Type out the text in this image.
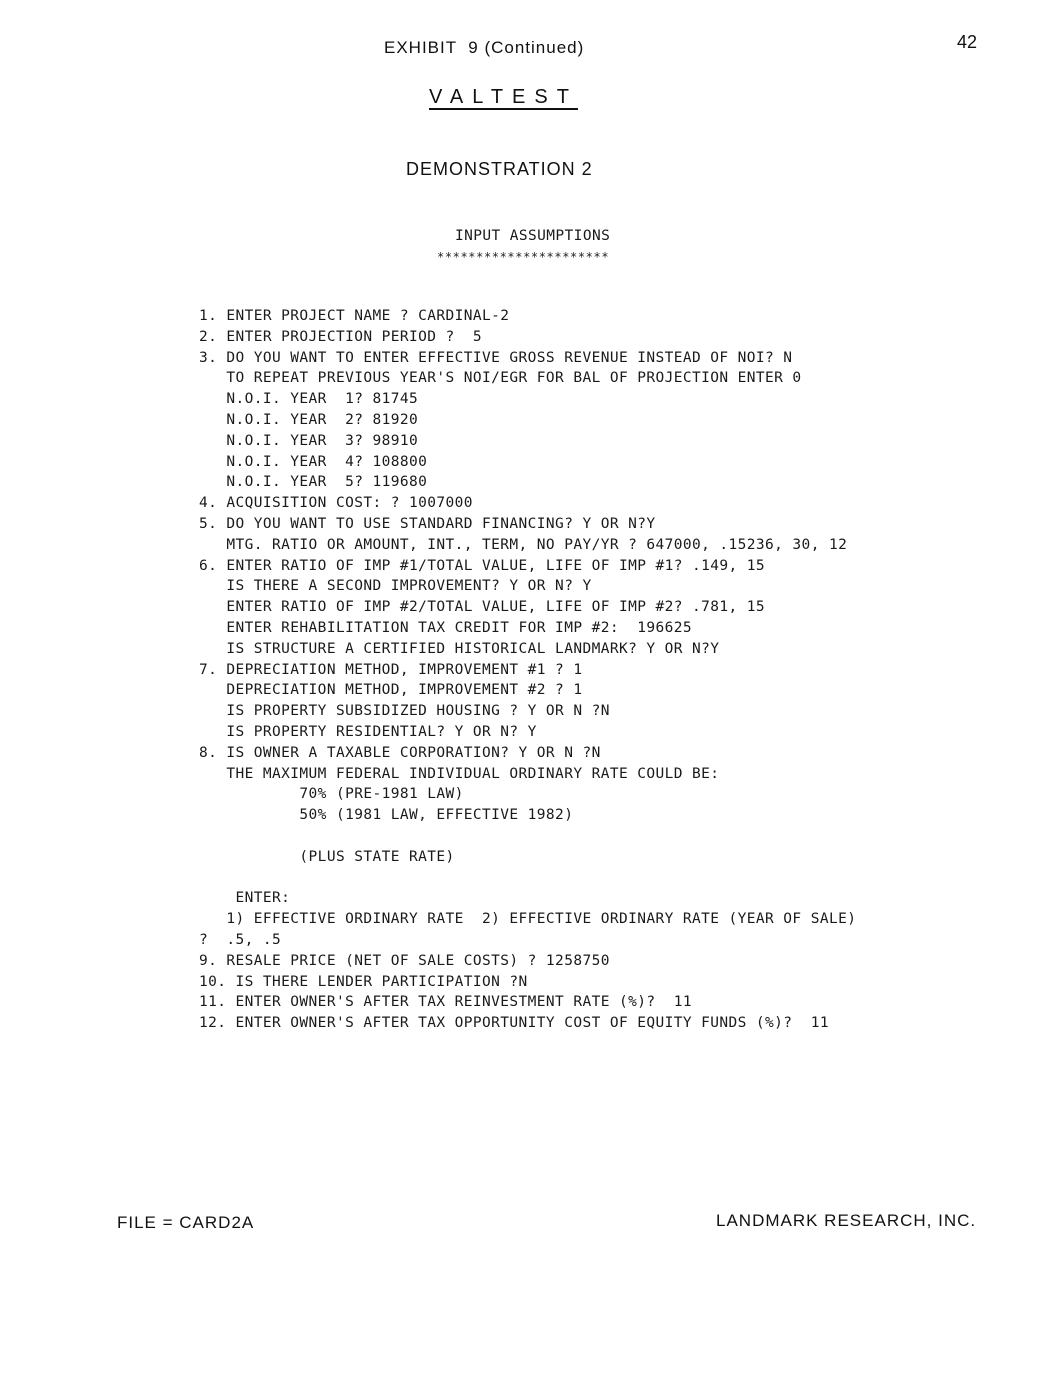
EXHIBIT  9 (Continued)	42
VALTEST
DEMONSTRATION 2
INPUT ASSUMPTIONS
**********************
1. ENTER PROJECT NAME ? CARDINAL-2
2. ENTER PROJECTION PERIOD ?  5
3. DO YOU WANT TO ENTER EFFECTIVE GROSS REVENUE INSTEAD OF NOI? N
TO REPEAT PREVIOUS YEAR'S NOI/EGR FOR BAL OF PROJECTION ENTER 0
N.O.I. YEAR  1? 81745
N.O.I. YEAR  2? 81920
N.O.I. YEAR  3? 98910
N.O.I. YEAR  4? 108800
N.O.I. YEAR  5? 119680
4. ACQUISITION COST: ? 1007000
5. DO YOU WANT TO USE STANDARD FINANCING? Y OR N?Y
MTG. RATIO OR AMOUNT, INT., TERM, NO PAY/YR ? 647000, .15236, 30, 12
6. ENTER RATIO OF IMP #1/TOTAL VALUE, LIFE OF IMP #1? .149, 15
IS THERE A SECOND IMPROVEMENT? Y OR N? Y
ENTER RATIO OF IMP #2/TOTAL VALUE, LIFE OF IMP #2? .781, 15
ENTER REHABILITATION TAX CREDIT FOR IMP #2:  196625
IS STRUCTURE A CERTIFIED HISTORICAL LANDMARK? Y OR N?Y
7. DEPRECIATION METHOD, IMPROVEMENT #1 ? 1
DEPRECIATION METHOD, IMPROVEMENT #2 ? 1
IS PROPERTY SUBSIDIZED HOUSING ? Y OR N ?N
IS PROPERTY RESIDENTIAL? Y OR N? Y
8. IS OWNER A TAXABLE CORPORATION? Y OR N ?N
THE MAXIMUM FEDERAL INDIVIDUAL ORDINARY RATE COULD BE:
70% (PRE-1981 LAW)
50% (1981 LAW, EFFECTIVE 1982)
(PLUS STATE RATE)
ENTER:
1) EFFECTIVE ORDINARY RATE  2) EFFECTIVE ORDINARY RATE (YEAR OF SALE)
?  .5, .5
9. RESALE PRICE (NET OF SALE COSTS) ? 1258750
10. IS THERE LENDER PARTICIPATION ?N
11. ENTER OWNER'S AFTER TAX REINVESTMENT RATE (%)?  11
12. ENTER OWNER'S AFTER TAX OPPORTUNITY COST OF EQUITY FUNDS (%)?  11
FILE = CARD2A	LANDMARK RESEARCH, INC.
